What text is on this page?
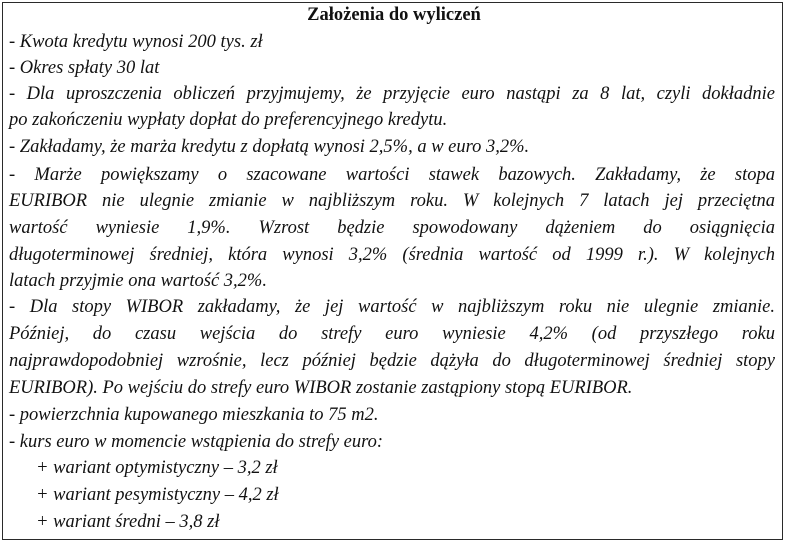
Założenia do wyliczeń
- Kwota kredytu wynosi 200 tys. zł
- Okres spłaty 30 lat
- Dla uproszczenia obliczeń przyjmujemy, że przyjęcie euro nastąpi za 8 lat, czyli dokładnie
po zakończeniu wypłaty dopłat do preferencyjnego kredytu.
- Zakładamy, że marża kredytu z dopłatą wynosi 2,5%, a w euro 3,2%.
- Marże powiększamy o szacowane wartości stawek bazowych. Zakładamy, że stopa
EURIBOR nie ulegnie zmianie w najbliższym roku. W kolejnych 7 latach jej przeciętna
wartość wyniesie 1,9%. Wzrost będzie spowodowany dążeniem do osiągnięcia
długoterminowej średniej, która wynosi 3,2% (średnia wartość od 1999 r.). W kolejnych
latach przyjmie ona wartość 3,2%.
- Dla stopy WIBOR zakładamy, że jej wartość w najbliższym roku nie ulegnie zmianie.
Później, do czasu wejścia do strefy euro wyniesie 4,2% (od przyszłego roku
najprawdopodobniej wzrośnie, lecz później będzie dążyła do długoterminowej średniej stopy
EURIBOR). Po wejściu do strefy euro WIBOR zostanie zastąpiony stopą EURIBOR.
- powierzchnia kupowanego mieszkania to 75 m2.
- kurs euro w momencie wstąpienia do strefy euro:
+ wariant optymistyczny – 3,2 zł
+ wariant pesymistyczny – 4,2 zł
+ wariant średni – 3,8 zł
